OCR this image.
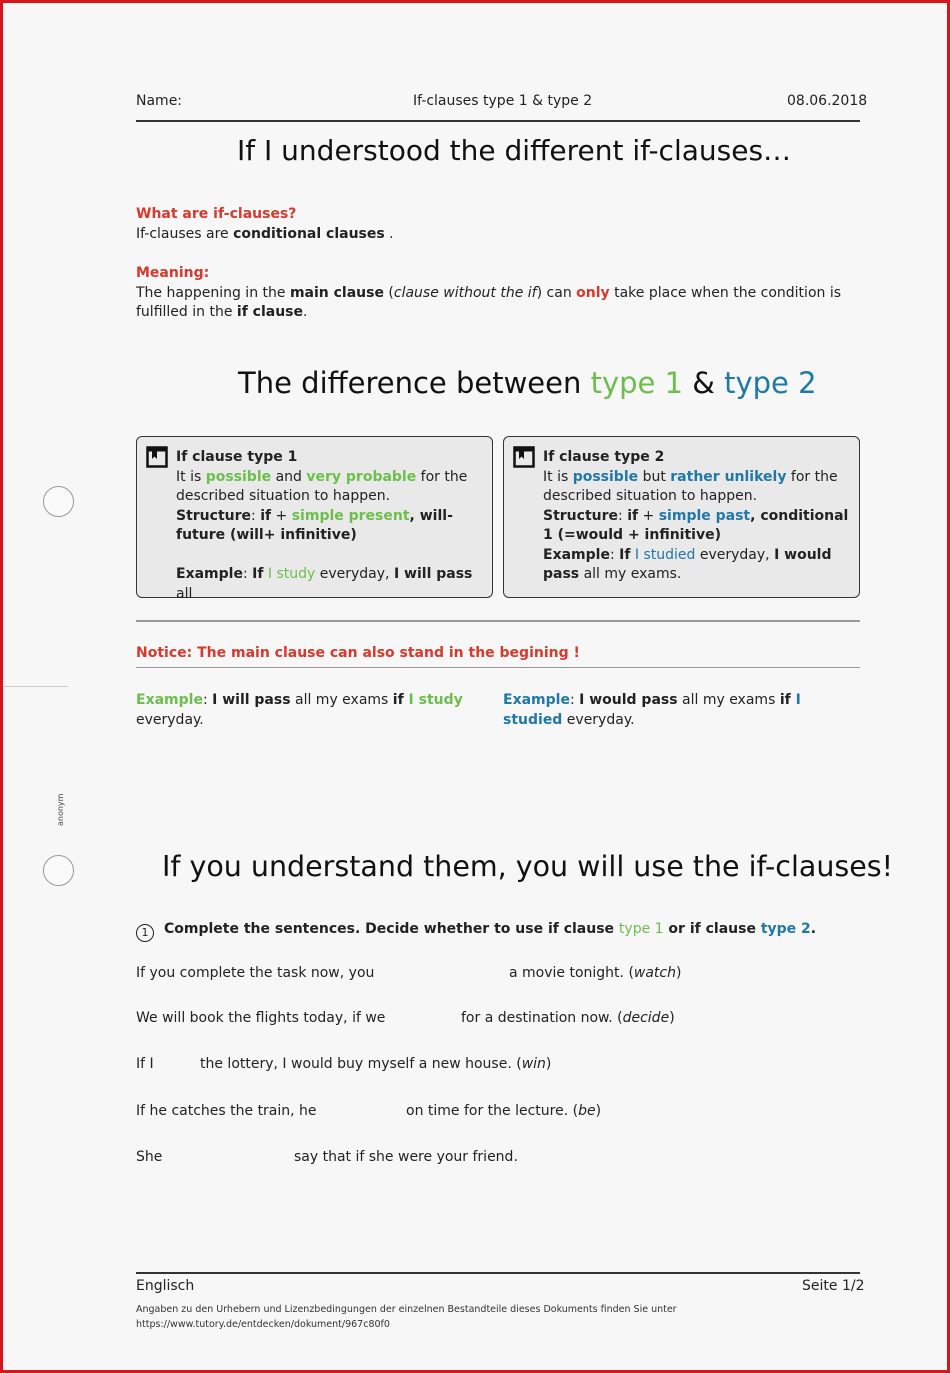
Name:	If-clauses type 1 & type 2	08.06.2018
If I understood the different if-clauses…
What are if-clauses?
If-clauses are conditional clauses .
Meaning:
The happening in the main clause (clause without the if) can only take place when the condition is fulfilled in the if clause.
The difference between type 1 & type 2
If clause type 1
It is possible and very probable for the described situation to happen.
Structure: if + simple present, will- future (will+ infinitive)
Example: If I study everyday, I will pass all
If clause type 2
It is possible but rather unlikely for the described situation to happen.
Structure: if + simple past, conditional 1 (=would + infinitive)
Example: If I studied everyday, I would pass all my exams.
Notice: The main clause can also stand in the begining !
anonym
Example: I will pass all my exams if I study everyday.
Example: I would pass all my exams if I studied everyday.
If you understand them, you will use the if-clauses!
1 Complete the sentences. Decide whether to use if clause type 1 or if clause type 2.
If you complete the task now, you	a movie tonight. (watch)
We will book the flights today, if we	for a destination now. (decide)
If I	the lottery, I would buy myself a new house. (win)
If he catches the train, he	on time for the lecture. (be)
She	say that if she were your friend.
Englisch	Seite 1/2
Angaben zu den Urhebern und Lizenzbedingungen der einzelnen Bestandteile dieses Dokuments finden Sie unter
https://www.tutory.de/entdecken/dokument/967c80f0
